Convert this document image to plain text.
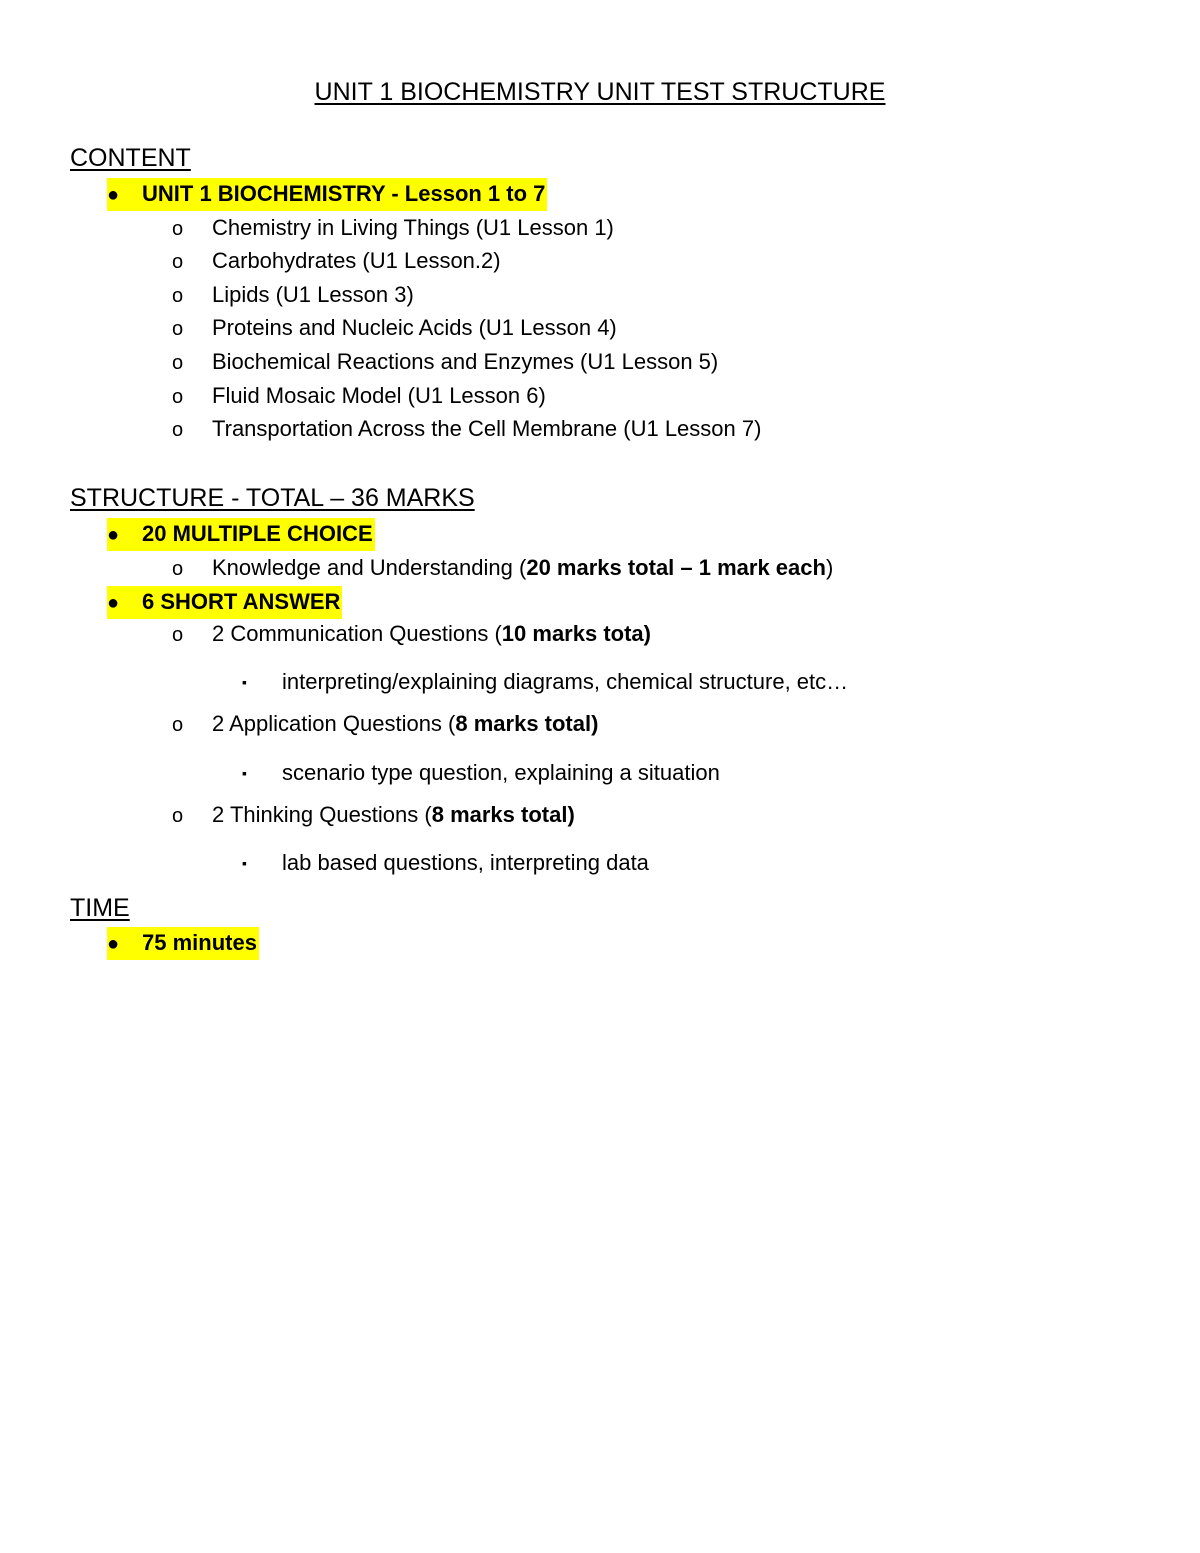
UNIT 1 BIOCHEMISTRY UNIT TEST STRUCTURE
CONTENT
● UNIT 1 BIOCHEMISTRY - Lesson 1 to 7
o Chemistry in Living Things (U1 Lesson 1)
o Carbohydrates (U1 Lesson.2)
o Lipids (U1 Lesson 3)
o Proteins and Nucleic Acids (U1 Lesson 4)
o Biochemical Reactions and Enzymes (U1 Lesson 5)
o Fluid Mosaic Model (U1 Lesson 6)
o Transportation Across the Cell Membrane (U1 Lesson 7)
STRUCTURE - TOTAL – 36 MARKS
● 20 MULTIPLE CHOICE
o Knowledge and Understanding (20 marks total – 1 mark each)
● 6 SHORT ANSWER
o 2 Communication Questions (10 marks tota)
▪ interpreting/explaining diagrams, chemical structure, etc…
o 2 Application Questions (8 marks total)
▪ scenario type question, explaining a situation
o 2 Thinking Questions (8 marks total)
▪ lab based questions, interpreting data
TIME
● 75 minutes
